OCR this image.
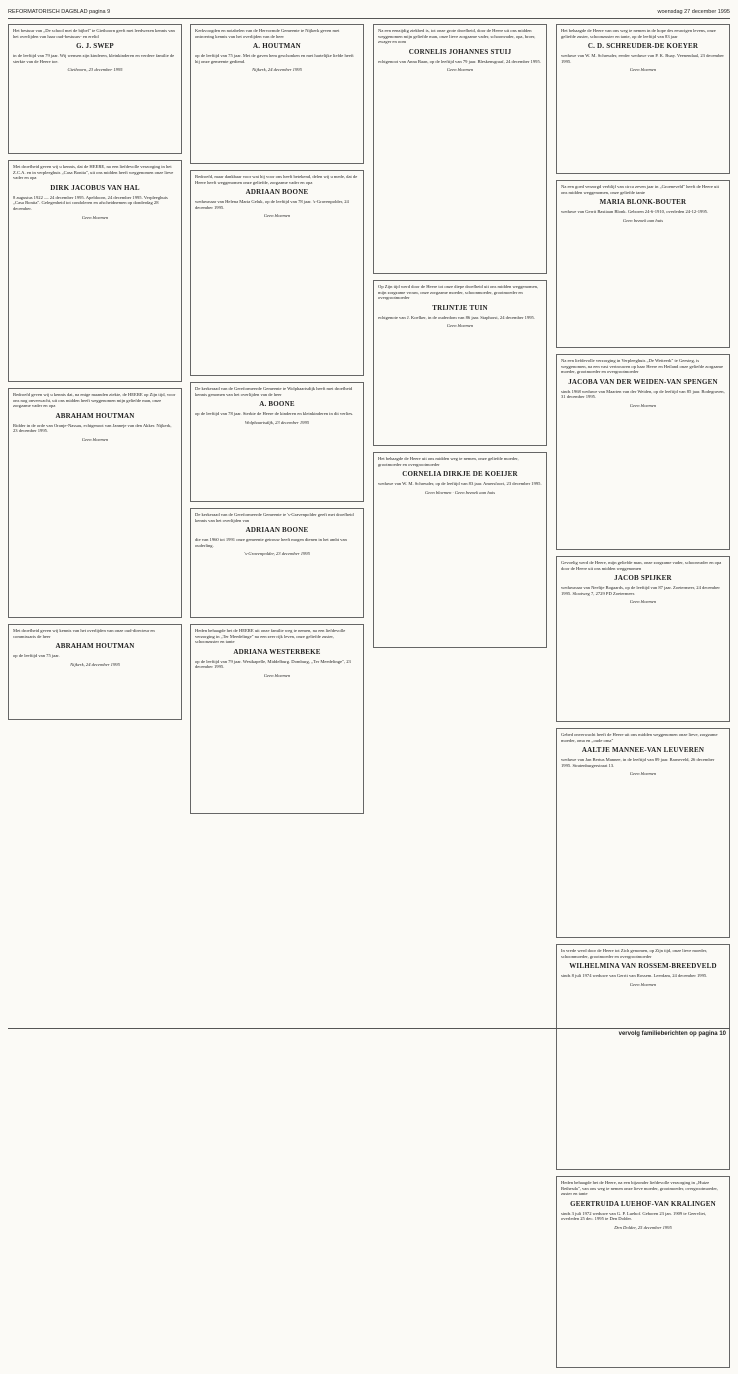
REFORMATORISCH DAGBLAD pagina 9	woensdag 27 december 1995

Het bestuur van „De school met de bijbel" te Giethoorn geeft met leedwezen kennis van het overlijden van haar oud-bestuurs- en erelid

G. J. SWEP

in de leeftijd van 79 jaar. Wij wensen zijn kinderen, kleinkinderen en verdere familie de sterkte van de Heere toe.

Giethoorn, 23 december 1995

Met droefheid geven wij u kennis, dat de HEERE, na een liefdevolle verzorging in het Z.C.A. en in verpleeghuis „Casa Bonita", uit ons midden heeft weggenomen onze lieve vader en opa

DIRK JACOBUS VAN HAL

8 augustus 1922 — 24 december 1995. Apeldoorn, 24 december 1995. Verpleeghuis „Casa Bonita". Gelegenheid tot condoleren en afscheidnemen op donderdag 28 december.

Geen bloemen

Bedroefd geven wij u kennis dat, na enige maanden ziekte, de HEERE op Zijn tijd, voor ons nog onverwacht, uit ons midden heeft weggenomen mijn geliefde man, onze zorgzame vader en opa

ABRAHAM HOUTMAN

Ridder in de orde van Oranje-Nassau, echtgenoot van Janneje van den Akker. Nijkerk, 23 december 1995.

Geen bloemen

Met droefheid geven wij kennis van het overlijden van onze oud-directeur en commissaris de heer

ABRAHAM HOUTMAN

op de leeftijd van 75 jaar.

Nijkerk, 24 december 1995

Kerkvoogden en notabelen van de Hervormde Gemeente te Nijkerk geven met ontroering kennis van het overlijden van de heer

A. HOUTMAN

op de leeftijd van 75 jaar. Met de gaven hem geschonken en met hartelijke liefde heeft hij onze gemeente gediend.

Nijkerk, 24 december 1995

Bedroefd, maar dankbaar voor wat hij voor ons heeft betekend, delen wij u mede, dat de Heere heeft weggenomen onze geliefde, zorgzame vader en opa

ADRIAAN BOONE

weduwnaar van Helena Maria Geluk, op de leeftijd van 78 jaar. 's-Gravenpolder, 24 december 1995.

Geen bloemen

De kerkeraad van de Gereformeerde Gemeente te Wolphaartsdijk heeft met droefheid kennis genomen van het overlijden van de heer

A. BOONE

op de leeftijd van 78 jaar. Sterkte de Heere de kinderen en kleinkinderen in dit verlies.

Wolphaartsdijk, 23 december 1995

De kerkeraad van de Gereformeerde Gemeente te 's-Gravenpolder geeft met droefheid kennis van het overlijden van

ADRIAAN BOONE

die van 1960 tot 1991 onze gemeente getrouw heeft mogen dienen in het ambt van ouderling.

's-Gravenpolder, 23 december 1995

Heden behaagde het de HEERE uit onze familie weg te nemen, na een liefdevolle verzorging in „Ter Meedelinge" na een zeer rijk leven, onze geliefde zuster, schoonzuster en tante

ADRIANA WESTERBEKE

op de leeftijd van 79 jaar. Westkapelle, Middelburg. Domburg, „Ter Meedelinge", 23 december 1995.

Geen bloemen

Na een eenzijdig ziekbed is, tot onze grote droefheid, door de Heere uit ons midden weggenomen mijn geliefde man, onze lieve zorgzame vader, schoonvader, opa, broer, zwager en oom

CORNELIS JOHANNES STUIJ

echtgenoot van Anna Baan, op de leeftijd van 79 jaar. Bleskensgraaf, 24 december 1995.

Geen bloemen

Op Zijn tijd werd door de Heere tot onze diepe droefheid uit ons midden weggenomen, mijn zorgzame vrouw, onze zorgzame moeder, schoonmoeder, grootmoeder en overgrootmoeder

TRIJNTJE TUIN

echtgenote van J. Koelker, in de ouderdom van 86 jaar. Staphorst, 24 december 1995.

Geen bloemen

Het behaagde de Heere uit ons midden weg te nemen, onze geliefde moeder, grootmoeder en overgrootmoeder

CORNELIA DIRKJE DE KOEIJER

weduwe van W. M. Schreuder, op de leeftijd van 83 jaar. Amersfoort, 23 december 1995.

Geen bloemen · Geen bezoek aan huis

Het behaagde de Heere van ons weg te nemen in de hope des eeuwigen levens, onze geliefde zuster, schoonzuster en tante, op de leeftijd van 83 jaar

C. D. SCHREUDER-DE KOEYER

weduwe van W. M. Schreuder, eerder weduwe van P. K. Buay. Veenendaal, 23 december 1995.

Geen bloemen

Na een goed verzorgd verblijf van circa zeven jaar in „Groeneveld" heeft de Heere uit ons midden weggenomen, onze geliefde tante

MARIA BLONK-BOUTER

weduwe van Gerrit Bastiaan Blonk. Geboren 24-6-1910, overleden 24-12-1995.

Geen bezoek aan huis

Na een liefdevolle verzorging in Verpleeghuis „De Weiteerk" te Geesteg, is weggenomen, na een vast vertrouwen op haar Heere en Heiland onze geliefde zorgzame moeder, grootmoeder en overgrootmoeder

JACOBA VAN DER WEIDEN-VAN SPENGEN

sinds 1968 weduwe van Maarten van der Weiden, op de leeftijd van 85 jaar. Bodegraven, 31 december 1995.

Geen bloemen

Gevoelig werd de Heere, mijn geliefde man, onze zorgzame vader, schoonvader en opa door de Heere uit ons midden weggenomen

JACOB SPIJKER

weduwnaar van Neeltje Bogaards, op de leeftijd van 87 jaar. Zoetermeer, 24 december 1995. Slootweg 7, 2729 PD Zoetermeer.

Geen bloemen

Gebed onverwacht heeft de Heere uit ons midden weggenomen onze lieve, zorgzame moeder, oma en „oude oma"

AALTJE MANNEE-VAN LEUVEREN

weduwe van Jan Bertus Mannee, in de leeftijd van 89 jaar. Barneveld, 26 december 1995. Stratenburgerstraat 13.

Geen bloemen

In vrede werd door de Heere tot Zich genomen, op Zijn tijd, onze lieve moeder, schoonmoeder, grootmoeder en overgrootmoeder

WILHELMINA VAN ROSSEM-BREEDVELD

sinds 8 juli 1974 weduwe van Gerrit van Rossem. Leerdam, 24 december 1995.

Geen bloemen

Heden behaagde het de Heere, na een bijzonder liefdevolle verzorging in „Huize Bethesda", van ons weg te nemen onze lieve moeder, grootmoeder, overgrootmoeder, zuster en tante

GEERTRUIDA LUEHOF-VAN KRALINGEN

sinds 3 juli 1972 weduwe van G. P. Luehof. Geboren 23 jan. 1909 te Geervliet, overleden 25 dec. 1995 te Den Dolder.

Den Dolder, 25 december 1995
vervolg familieberichten op pagina 10
